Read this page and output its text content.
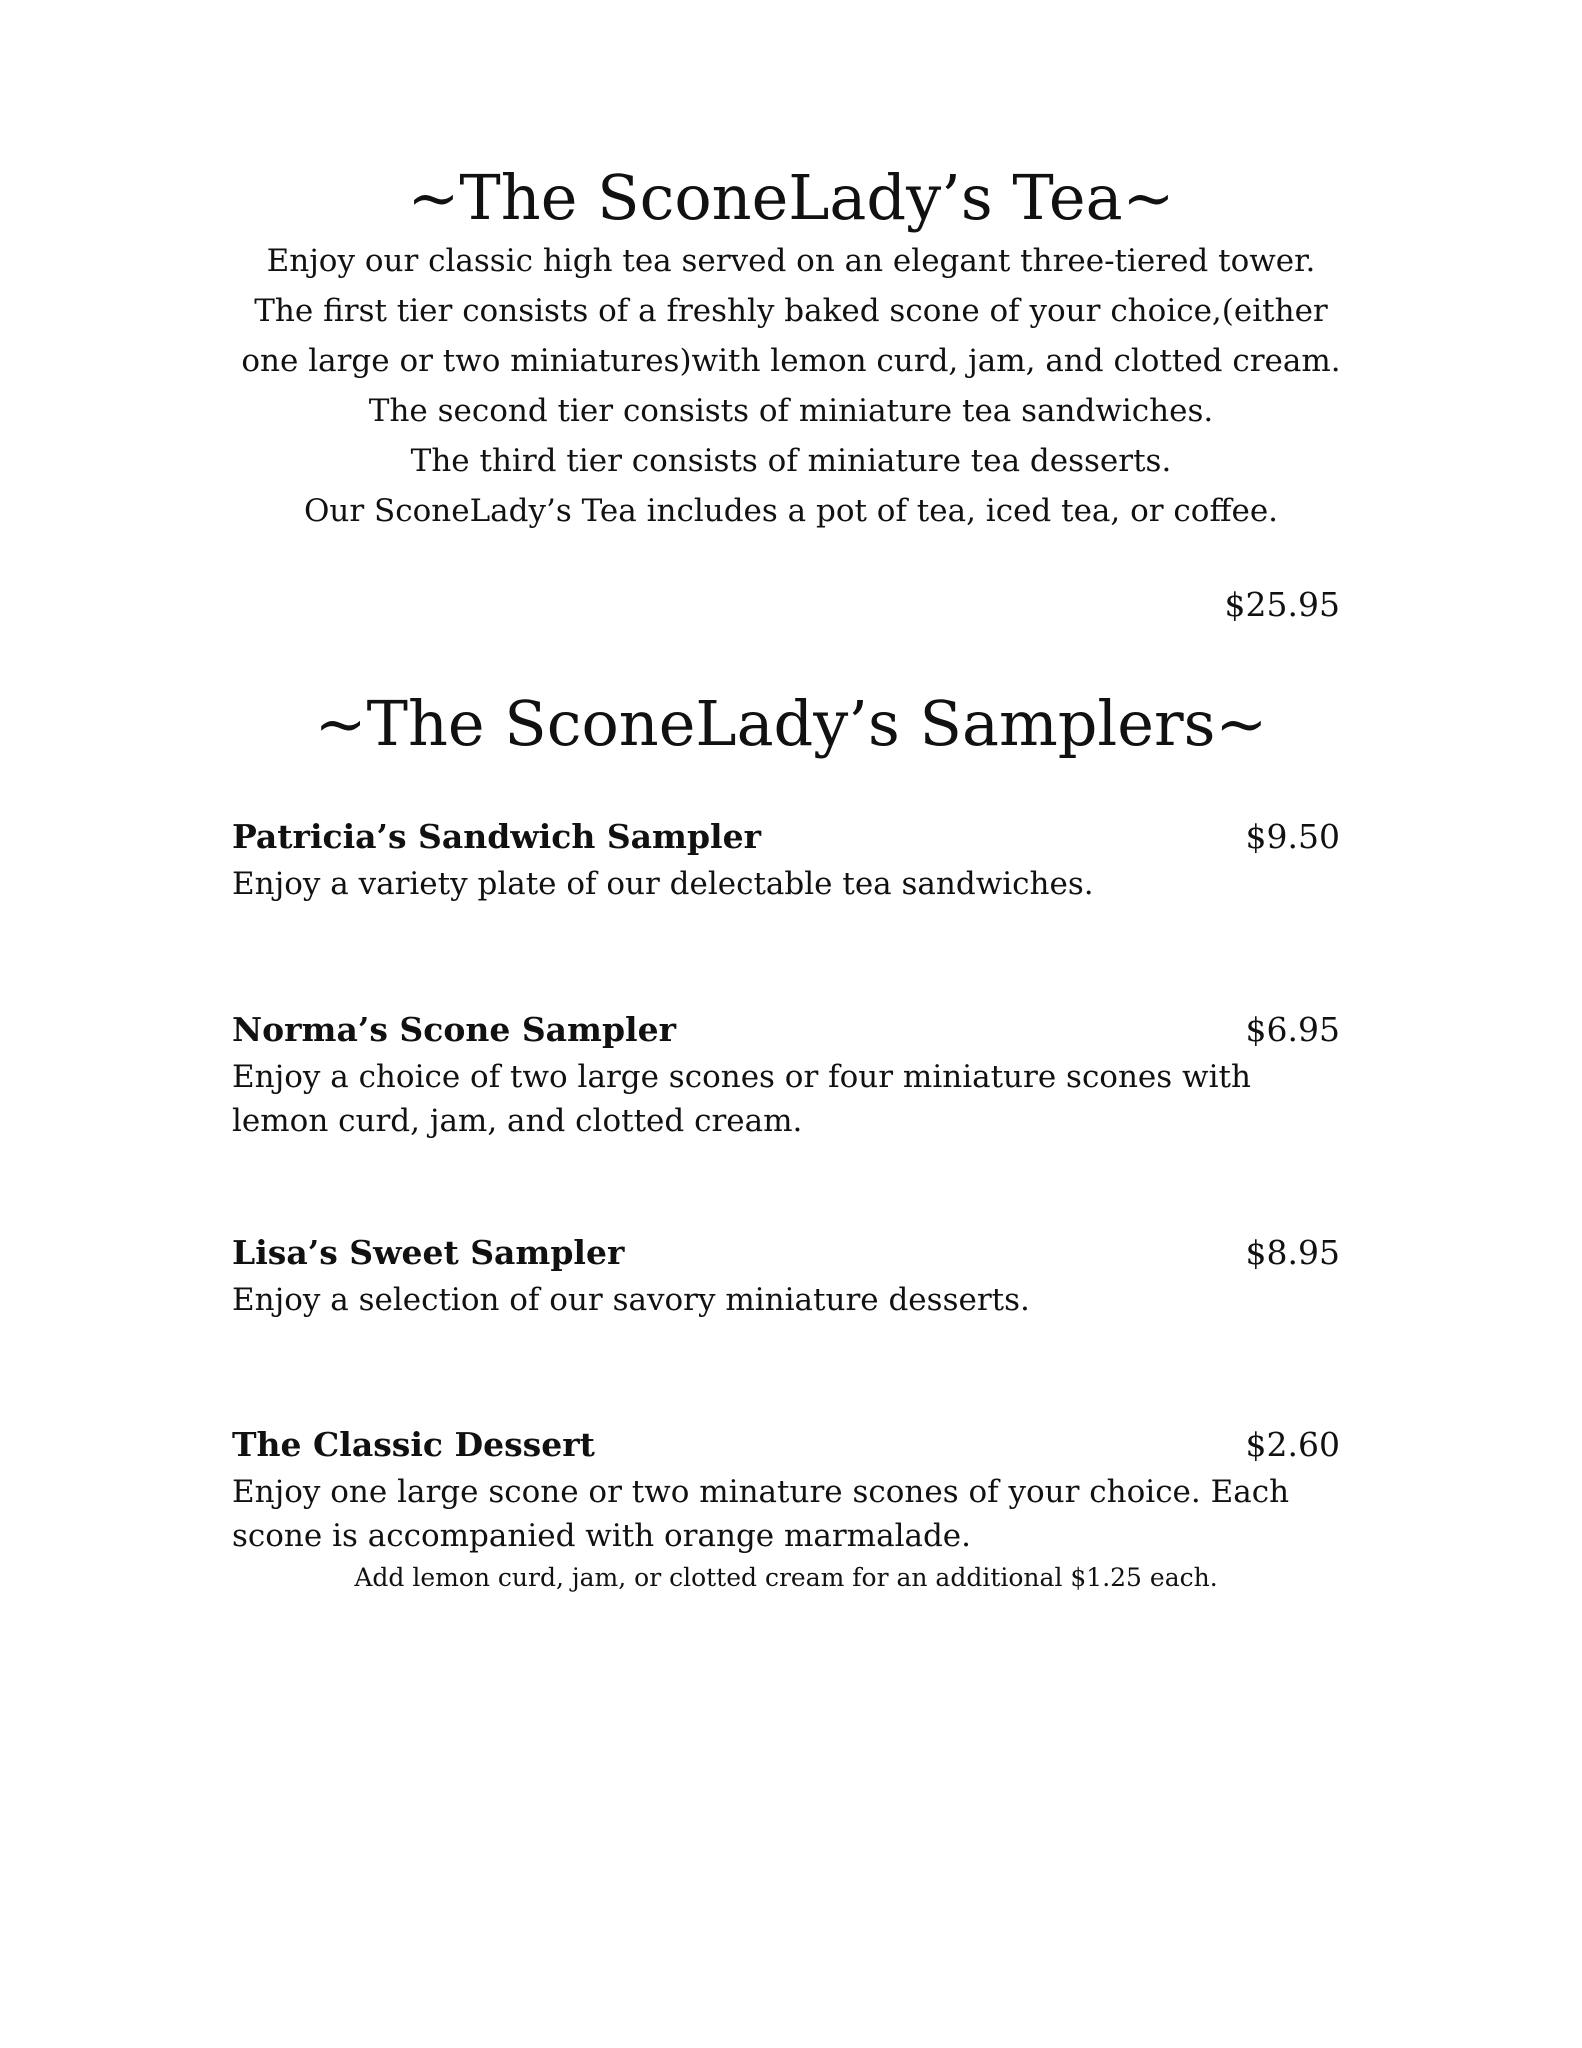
~The SconeLady’s Tea~
Enjoy our classic high tea served on an elegant three-tiered tower.
The first tier consists of a freshly baked scone of your choice,(either
one large or two miniatures)with lemon curd, jam, and clotted cream.
The second tier consists of miniature tea sandwiches.
The third tier consists of miniature tea desserts.
Our SconeLady’s Tea includes a pot of tea, iced tea, or coffee.
$25.95
~The SconeLady’s Samplers~
Patricia’s Sandwich Sampler	$9.50
Enjoy a variety plate of our delectable tea sandwiches.
Norma’s Scone Sampler	$6.95
Enjoy a choice of two large scones or four miniature scones with
lemon curd, jam, and clotted cream.
Lisa’s Sweet Sampler	$8.95
Enjoy a selection of our savory miniature desserts.
The Classic Dessert	$2.60
Enjoy one large scone or two minature scones of your choice. Each
scone is accompanied with orange marmalade.
Add lemon curd, jam, or clotted cream for an additional $1.25 each.
